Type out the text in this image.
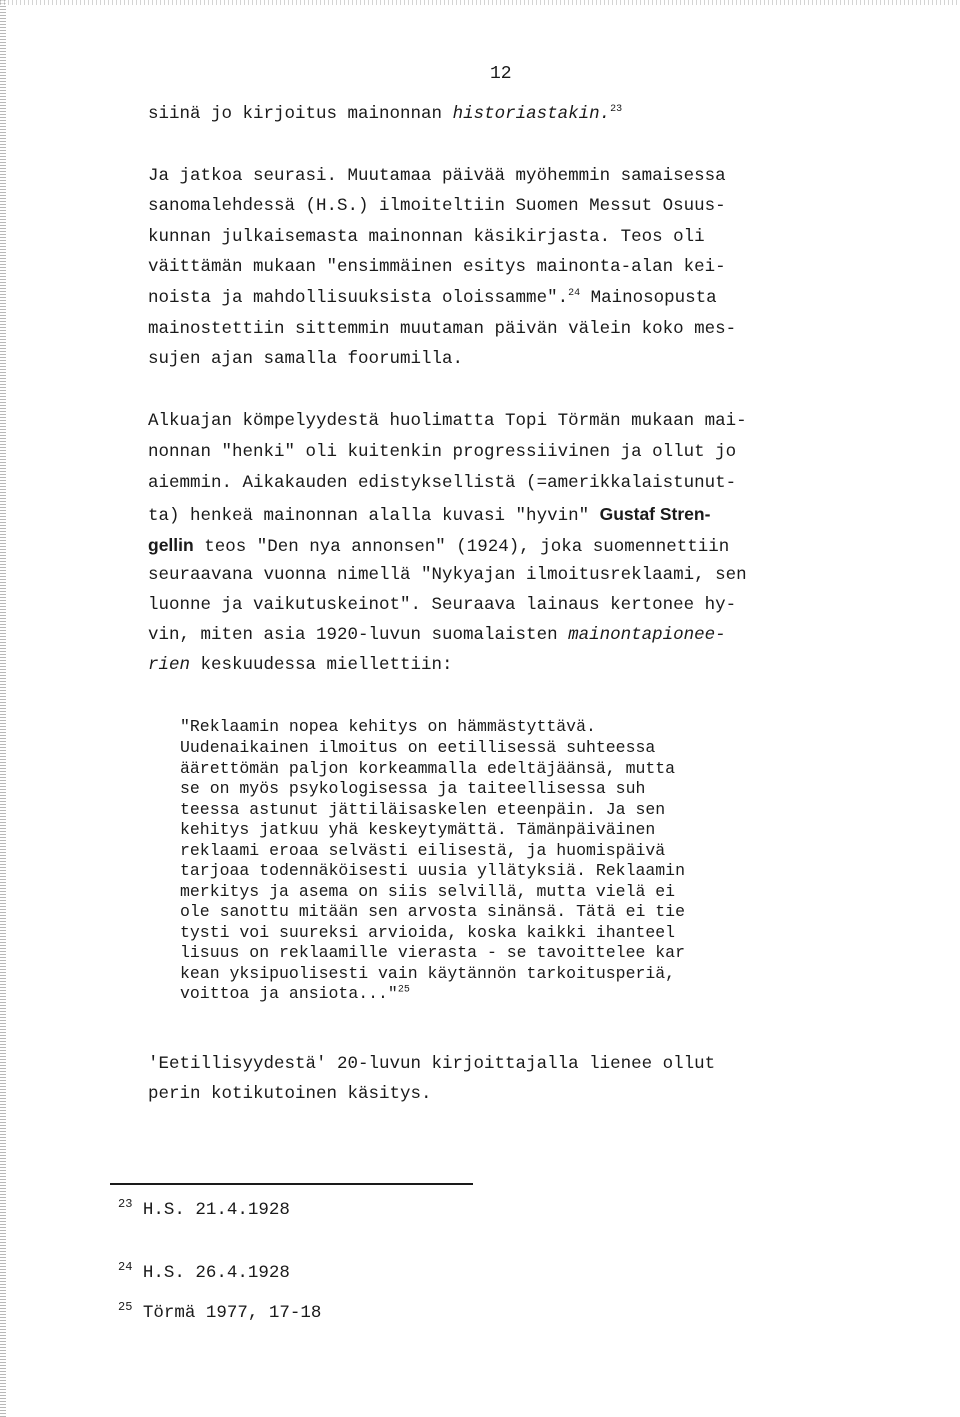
12
siinä jo kirjoitus mainonnan historiastakin.$^{23}$
Ja jatkoa seurasi. Muutamaa päivää myöhemmin samaisessa
sanomalehdessä (H.S.) ilmoiteltiin Suomen Messut Osuus-
kunnan julkaisemasta mainonnan käsikirjasta. Teos oli
väittämän mukaan "ensimmäinen esitys mainonta-alan kei-
noista ja mahdollisuuksista oloissamme".$^{24}$ Mainosopusta
mainostettiin sittemmin muutaman päivän välein koko mes-
sujen ajan samalla foorumilla.
Alkuajan kömpelyydestä huolimatta Topi Törmän mukaan mai-
nonnan "henki" oli kuitenkin progressiivinen ja ollut jo
aiemmin. Aikakauden edistyksellistä (=amerikkalaistunut-
ta) henkeä mainonnan alalla kuvasi "hyvin" Gustaf Stren-
gellin teos "Den nya annonsen" (1924), joka suomennettiin
seuraavana vuonna nimellä "Nykyajan ilmoitusreklaami, sen
luonne ja vaikutuskeinot". Seuraava lainaus kertonee hy-
vin, miten asia 1920-luvun suomalaisten mainontapionee-
rien keskuudessa miellettiin:
"Reklaamin nopea kehitys on hämmästyttävä.
Uudenaikainen ilmoitus on eetillisessä suhteessa
äärettömän paljon korkeammalla edeltäjäänsä, mutta
se on myös psykologisessa ja taiteellisessa suh
teessa astunut jättiläisaskelen eteenpäin. Ja sen
kehitys jatkuu yhä keskeytymättä. Tämänpäiväinen
reklaami eroaa selvästi eilisestä, ja huomispäivä
tarjoaa todennäköisesti uusia yllätyksiä. Reklaamin
merkitys ja asema on siis selvillä, mutta vielä ei
ole sanottu mitään sen arvosta sinänsä. Tätä ei tie
tysti voi suureksi arvioida, koska kaikki ihanteel
lisuus on reklaamille vierasta - se tavoittelee kar
kean yksipuolisesti vain käytännön tarkoitusperiä,
voittoa ja ansiota..."$^{25}$
'Eetillisyydestä' 20-luvun kirjoittajalla lienee ollut
perin kotikutoinen käsitys.
$^{23}$ H.S. 21.4.1928
$^{24}$ H.S. 26.4.1928
$^{25}$ Törmä 1977, 17-18
